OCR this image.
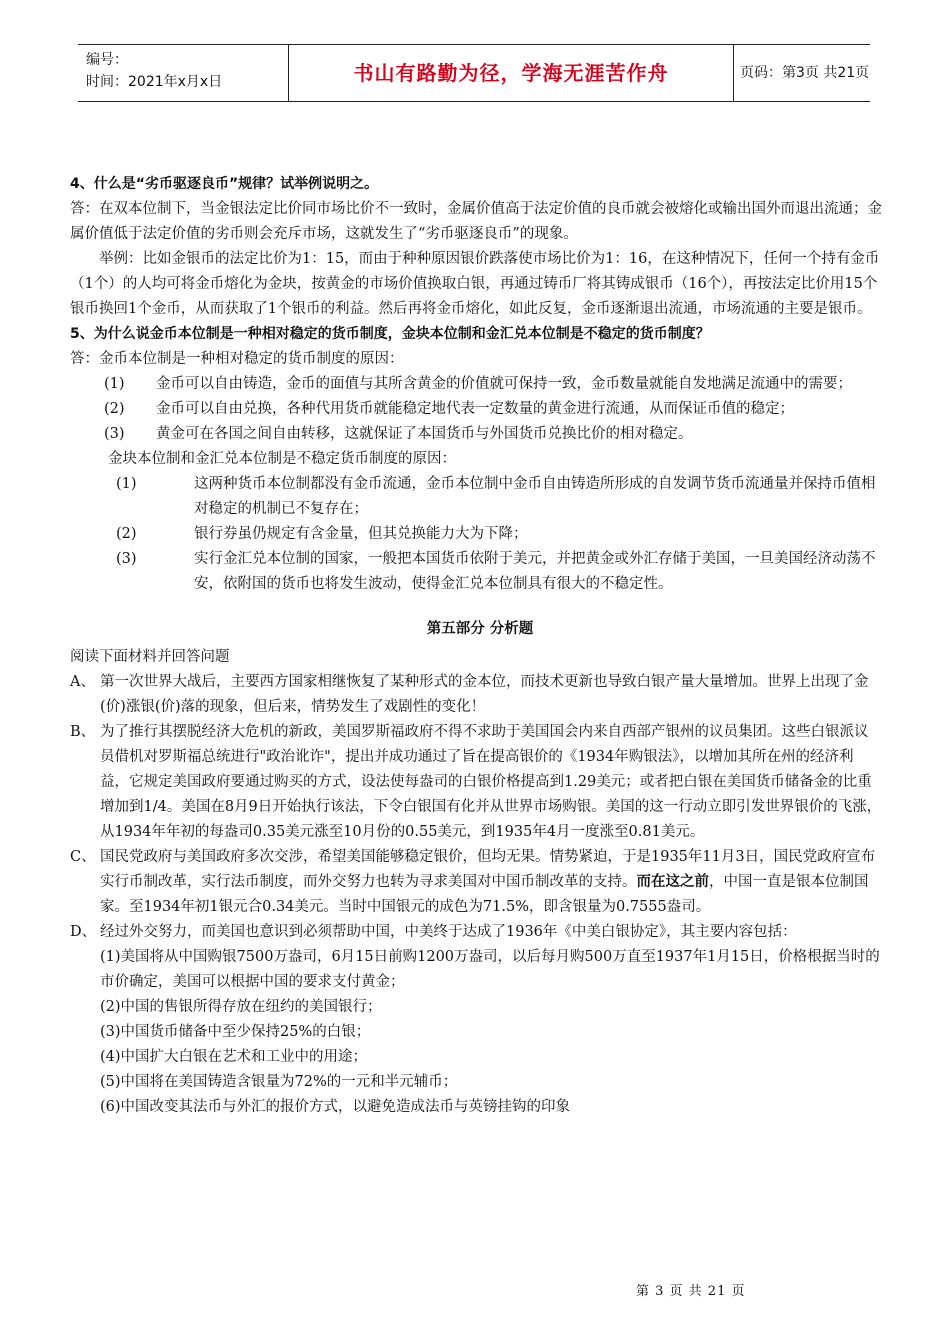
编号：
时间：2021年x月x日	书山有路勤为径，学海无涯苦作舟	页码：第3页 共21页

4、什么是“劣币驱逐良币”规律？试举例说明之。

答：在双本位制下，当金银法定比价同市场比价不一致时，金属价值高于法定价值的良币就会被熔化或输出国外而退出流通；金属价值低于法定价值的劣币则会充斥市场，这就发生了“劣币驱逐良币”的现象。

举例：比如金银币的法定比价为1：15，而由于种种原因银价跌落使市场比价为1：16，在这种情况下，任何一个持有金币（1个）的人均可将金币熔化为金块，按黄金的市场价值换取白银，再通过铸币厂将其铸成银币（16个），再按法定比价用15个银币换回1个金币，从而获取了1个银币的利益。然后再将金币熔化，如此反复，金币逐渐退出流通，市场流通的主要是银币。

5、为什么说金币本位制是一种相对稳定的货币制度，金块本位制和金汇兑本位制是不稳定的货币制度？

答：金币本位制是一种相对稳定的货币制度的原因：

(1)	金币可以自由铸造，金币的面值与其所含黄金的价值就可保持一致，金币数量就能自发地满足流通中的需要；
(2)	金币可以自由兑换，各种代用货币就能稳定地代表一定数量的黄金进行流通，从而保证币值的稳定；
(3)	黄金可在各国之间自由转移，这就保证了本国货币与外国货币兑换比价的相对稳定。

金块本位制和金汇兑本位制是不稳定货币制度的原因：

(1)	这两种货币本位制都没有金币流通，金币本位制中金币自由铸造所形成的自发调节货币流通量并保持币值相对稳定的机制已不复存在；
(2)	银行券虽仍规定有含金量，但其兑换能力大为下降；
(3)	实行金汇兑本位制的国家，一般把本国货币依附于美元，并把黄金或外汇存储于美国，一旦美国经济动荡不安，依附国的货币也将发生波动，使得金汇兑本位制具有很大的不稳定性。

第五部分 分析题

阅读下面材料并回答问题

A、 第一次世界大战后，主要西方国家相继恢复了某种形式的金本位，而技术更新也导致白银产量大量增加。世界上出现了金(价)涨银(价)落的现象，但后来，情势发生了戏剧性的变化！
B、 为了推行其摆脱经济大危机的新政，美国罗斯福政府不得不求助于美国国会内来自西部产银州的议员集团。这些白银派议员借机对罗斯福总统进行"政治讹诈"，提出并成功通过了旨在提高银价的《1934年购银法》，以增加其所在州的经济利益，它规定美国政府要通过购买的方式，设法使每盎司的白银价格提高到1.29美元；或者把白银在美国货币储备金的比重增加到1/4。美国在8月9日开始执行该法，下令白银国有化并从世界市场购银。美国的这一行动立即引发世界银价的飞涨，从1934年年初的每盎司0.35美元涨至10月份的0.55美元，到1935年4月一度涨至0.81美元。
C、 国民党政府与美国政府多次交涉，希望美国能够稳定银价，但均无果。情势紧迫，于是1935年11月3日，国民党政府宣布实行币制改革，实行法币制度，而外交努力也转为寻求美国对中国币制改革的支持。而在这之前，中国一直是银本位制国家。至1934年初1银元合0.34美元。当时中国银元的成色为71.5%，即含银量为0.7555盎司。
D、 经过外交努力，而美国也意识到必须帮助中国，中美终于达成了1936年《中美白银协定》，其主要内容包括：

(1)美国将从中国购银7500万盎司，6月15日前购1200万盎司，以后每月购500万直至1937年1月15日，价格根据当时的市价确定，美国可以根据中国的要求支付黄金；

(2)中国的售银所得存放在纽约的美国银行；

(3)中国货币储备中至少保持25%的白银；

(4)中国扩大白银在艺术和工业中的用途；

(5)中国将在美国铸造含银量为72%的一元和半元辅币；

(6)中国改变其法币与外汇的报价方式，以避免造成法币与英镑挂钩的印象

第 3 页 共 21 页
